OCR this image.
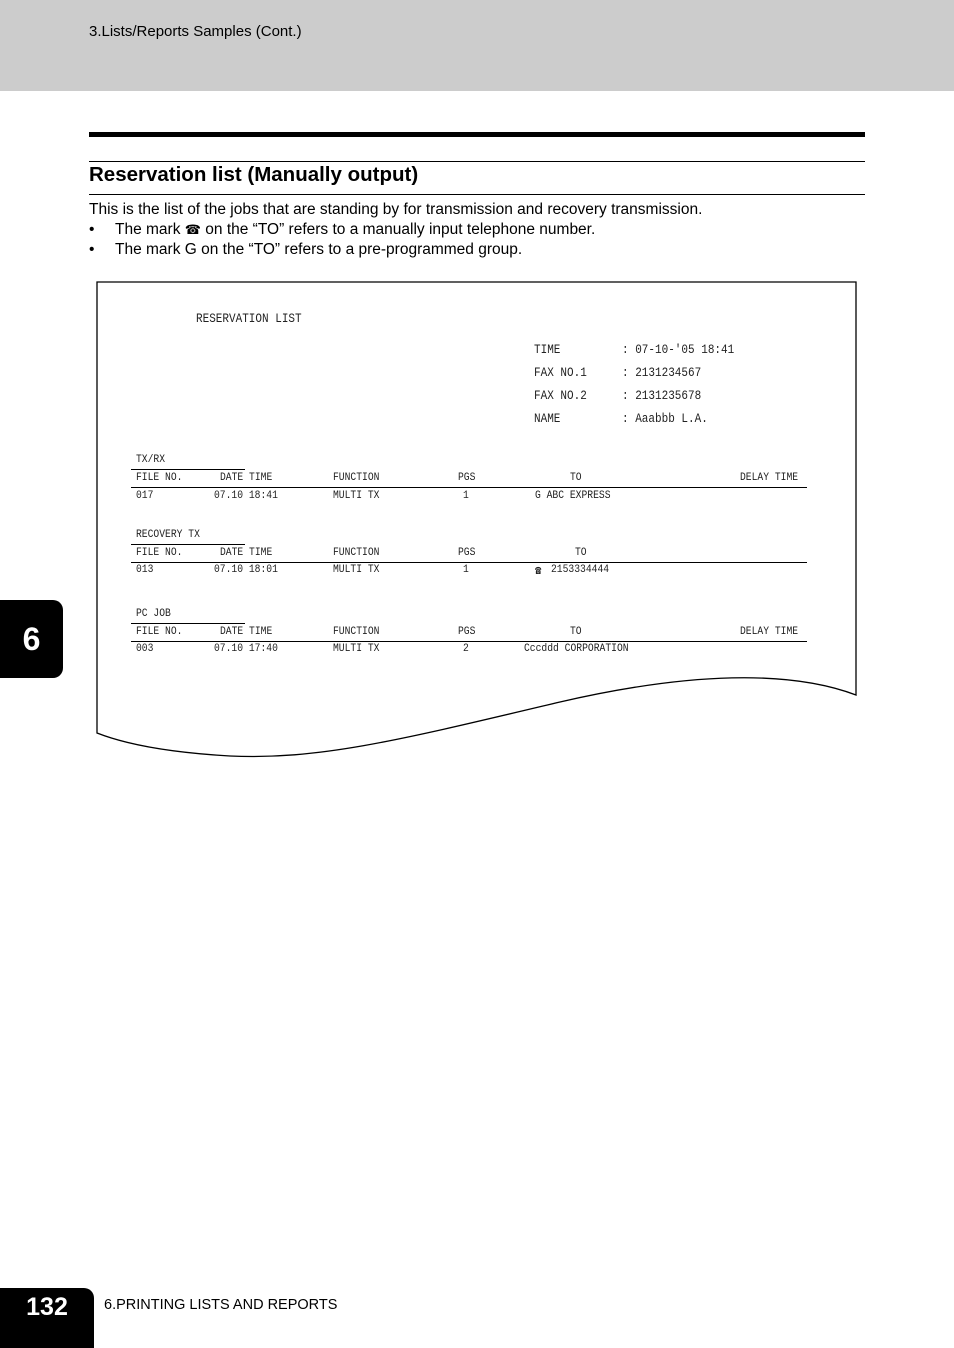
3.Lists/Reports Samples (Cont.)
Reservation list (Manually output)
This is the list of the jobs that are standing by for transmission and recovery transmission.
• The mark ☎ on the “TO” refers to a manually input telephone number.
• The mark G on the “TO” refers to a pre-programmed group.
RESERVATION LIST
TIME	: 07-10-'05 18:41
FAX NO.1	: 2131234567
FAX NO.2	: 2131235678
NAME	: Aaabbb L.A.
TX/RX
FILE NO.	DATE TIME	FUNCTION	PGS	TO	DELAY TIME
017	07.10 18:41	MULTI TX	1	G ABC EXPRESS
RECOVERY TX
FILE NO.	DATE TIME	FUNCTION	PGS	TO
013	07.10 18:01	MULTI TX	1	☎ 2153334444
PC JOB
FILE NO.	DATE TIME	FUNCTION	PGS	TO	DELAY TIME
003	07.10 17:40	MULTI TX	2	Cccddd CORPORATION
6
132	6.PRINTING LISTS AND REPORTS
